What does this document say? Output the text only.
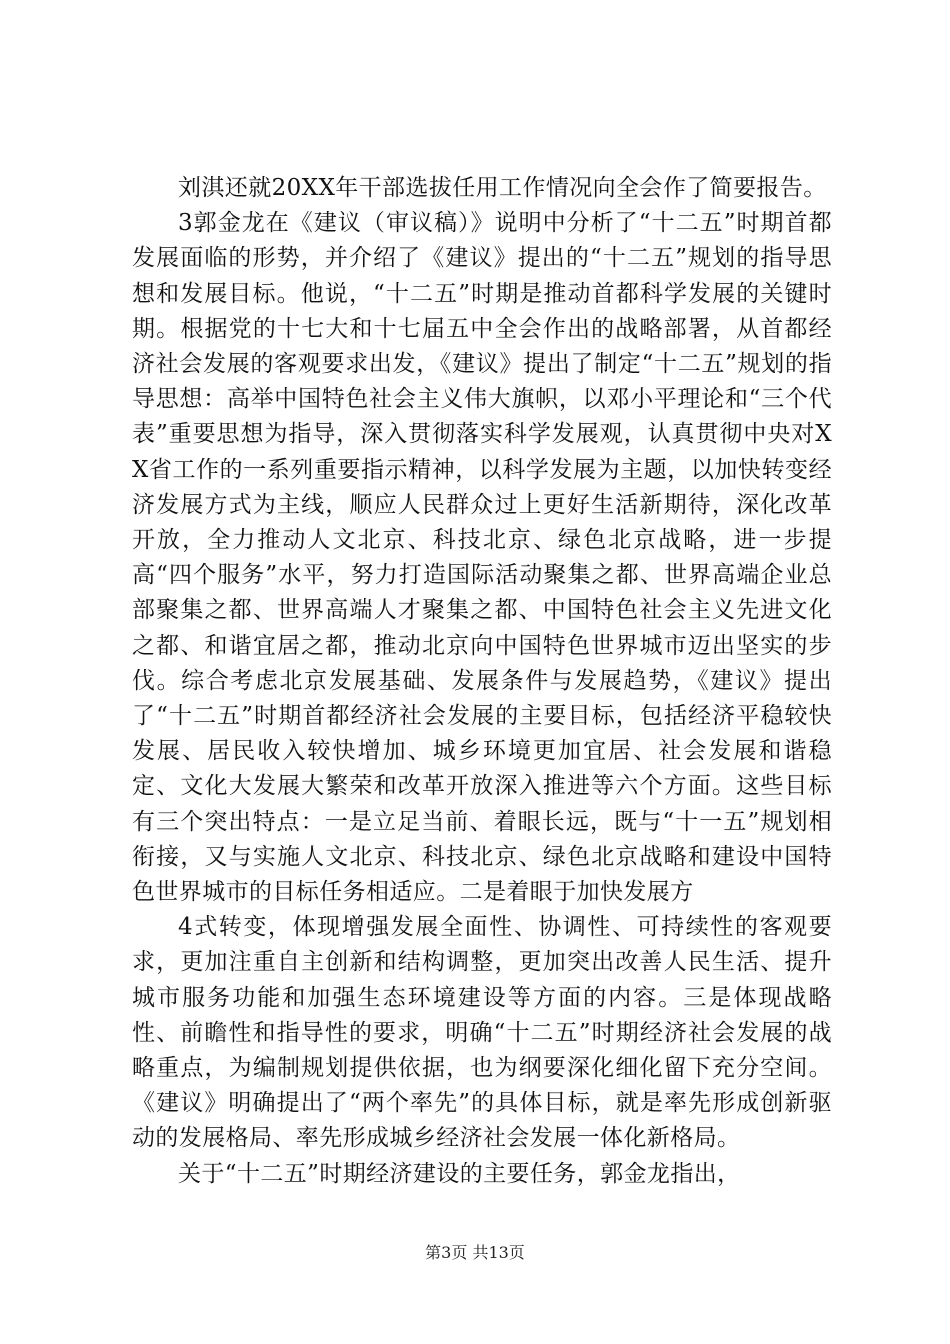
刘淇还就20XX年干部选拔任用工作情况向全会作了简要报告。

3郭金龙在《建议（审议稿）》说明中分析了“十二五”时期首都发展面临的形势，并介绍了《建议》提出的“十二五”规划的指导思想和发展目标。他说，“十二五”时期是推动首都科学发展的关键时期。根据党的十七大和十七届五中全会作出的战略部署，从首都经济社会发展的客观要求出发，《建议》提出了制定“十二五”规划的指导思想：高举中国特色社会主义伟大旗帜，以邓小平理论和“三个代表”重要思想为指导，深入贯彻落实科学发展观，认真贯彻中央对XX省工作的一系列重要指示精神，以科学发展为主题，以加快转变经济发展方式为主线，顺应人民群众过上更好生活新期待，深化改革开放，全力推动人文北京、科技北京、绿色北京战略，进一步提高“四个服务”水平，努力打造国际活动聚集之都、世界高端企业总部聚集之都、世界高端人才聚集之都、中国特色社会主义先进文化之都、和谐宜居之都，推动北京向中国特色世界城市迈出坚实的步伐。综合考虑北京发展基础、发展条件与发展趋势，《建议》提出了“十二五”时期首都经济社会发展的主要目标，包括经济平稳较快发展、居民收入较快增加、城乡环境更加宜居、社会发展和谐稳定、文化大发展大繁荣和改革开放深入推进等六个方面。这些目标有三个突出特点：一是立足当前、着眼长远，既与“十一五”规划相衔接，又与实施人文北京、科技北京、绿色北京战略和建设中国特色世界城市的目标任务相适应。二是着眼于加快发展方

4式转变，体现增强发展全面性、协调性、可持续性的客观要求，更加注重自主创新和结构调整，更加突出改善人民生活、提升城市服务功能和加强生态环境建设等方面的内容。三是体现战略性、前瞻性和指导性的要求，明确“十二五”时期经济社会发展的战略重点，为编制规划提供依据，也为纲要深化细化留下充分空间。《建议》明确提出了“两个率先”的具体目标，就是率先形成创新驱动的发展格局、率先形成城乡经济社会发展一体化新格局。

关于“十二五”时期经济建设的主要任务，郭金龙指出，

第3页 共13页
